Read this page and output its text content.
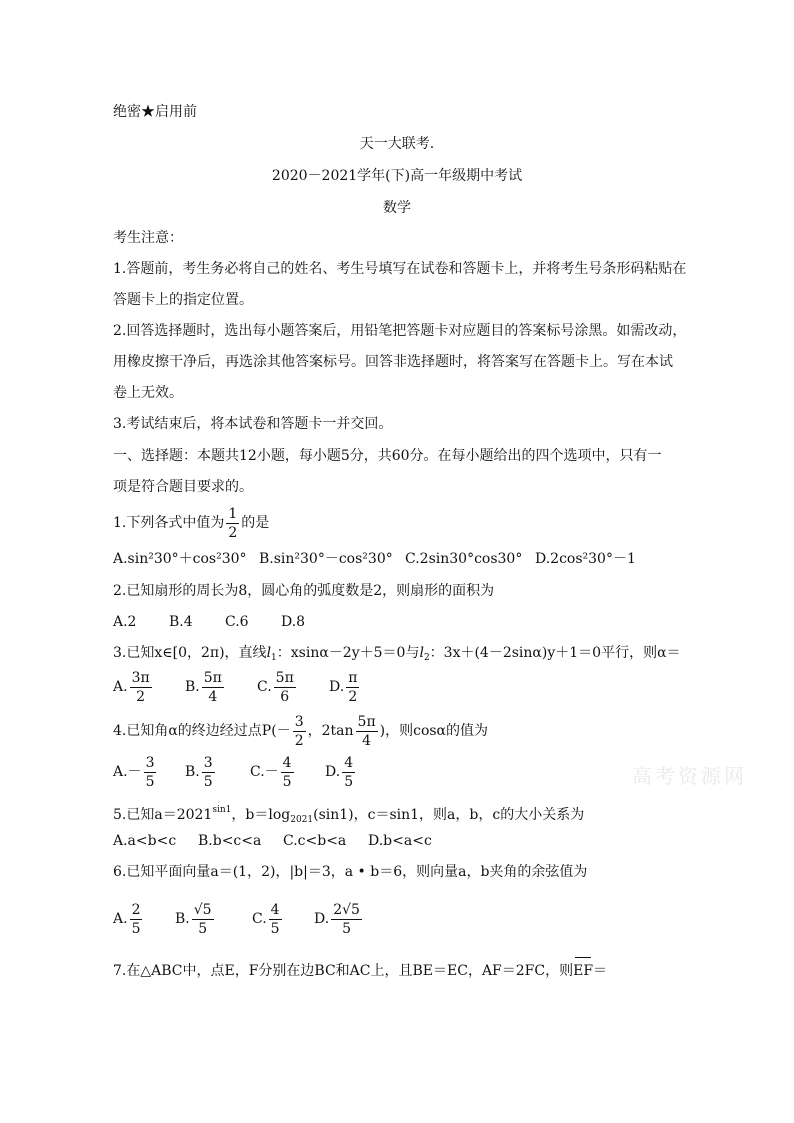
绝密★启用前
天一大联考.
2020－2021学年(下)高一年级期中考试
数学
考生注意：
1.答题前，考生务必将自己的姓名、考生号填写在试卷和答题卡上，并将考生号条形码粘贴在
答题卡上的指定位置。
2.回答选择题时，选出每小题答案后，用铅笔把答题卡对应题目的答案标号涂黑。如需改动，
用橡皮擦干净后，再选涂其他答案标号。回答非选择题时，将答案写在答题卡上。写在本试
卷上无效。
3.考试结束后，将本试卷和答题卡一并交回。
一、选择题：本题共12小题，每小题5分，共60分。在每小题给出的四个选项中，只有一
项是符合题目要求的。
1.下列各式中值为 $\frac{1}{2}$ 的是
A.sin²30°＋cos²30° B.sin²30°－cos²30° C.2sin30°cos30° D.2cos²30°－1
2.已知扇形的周长为8，圆心角的弧度数是2，则扇形的面积为
A.2 B.4 C.6 D.8
3.已知x∈[0，2π)，直线$l_1$：xsinα－2y＋5＝0与$l_2$：3x＋(4－2sinα)y＋1＝0平行，则α＝
A. $\frac{3\pi}{2} B$. $\frac{5\pi}{4} C$. $\frac{5\pi}{6} D$. $\frac{\pi}{2}$
4.已知角α的终边经过点$P(- \frac{3}{2}$ ，$2\tan \frac{5\pi}{4}$ )，则cosα的值为
$A.- \frac{3}{5} B$. $\frac{3}{5}$	$C.- \frac{4}{5} D$. $\frac{4}{5}$	高考资源网
5.已知$a=2021^{sin1}$，$b=\log_{2021}(\sin 1)$，c＝sin1，则a，b，c的大小关系为
A.a<b<c B.b<c<a C.c<b<a D.b<a<c
6.已知平面向量a＝(1，2)，|b|＝3，a • b＝6，则向量a，b夹角的余弦值为
A. $\frac{2}{5} B$. $\frac{√5}{5}$	C. $\frac{4}{5} D$. $\frac{2√5}{5}$
7.在△ABC中，点E，F分别在边BC和AC上，且BE＝EC，AF＝2FC，则EF＝
